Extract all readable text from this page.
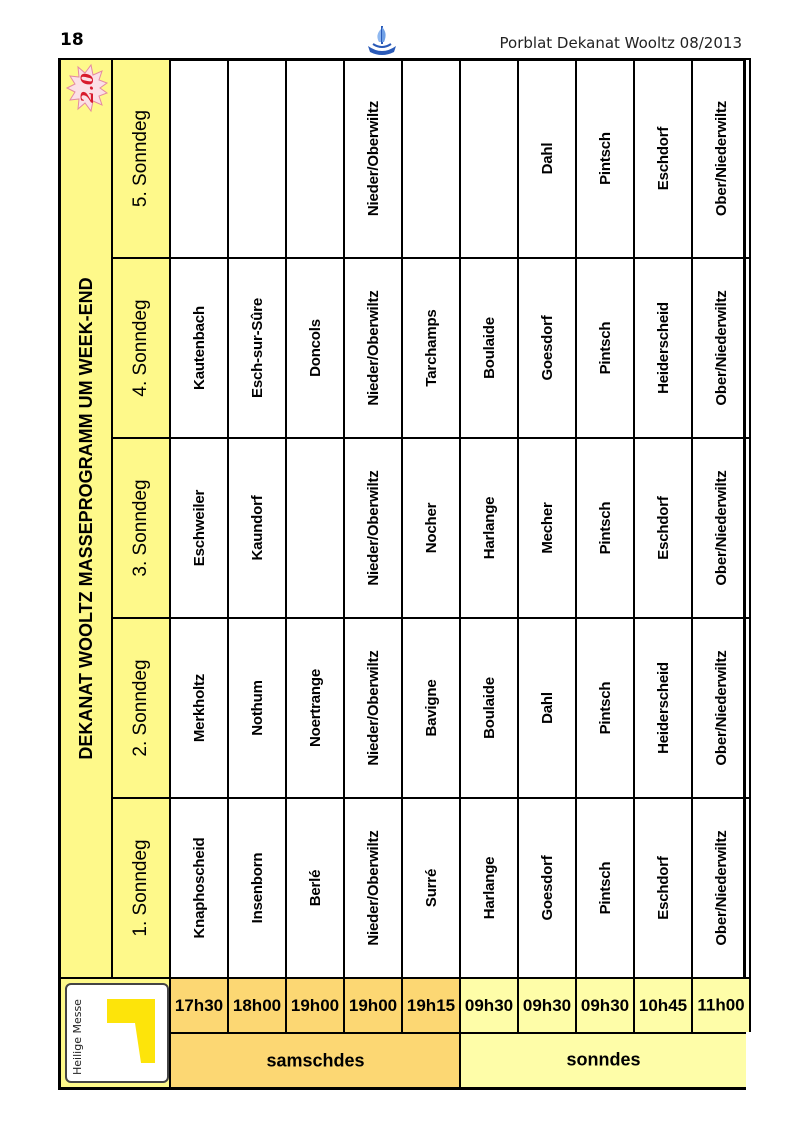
18	Porblat Dekanat Wooltz 08/2013
Heilige Messe
DEKANAT WOOLTZ MASSEPROGRAMM UM WEEK-END
2.0
1. Sonndeg
2. Sonndeg
3. Sonndeg
4. Sonndeg
5. Sonndeg
samschdes	sonndes
Knaphoscheid
Merkholtz
Eschweiler
Kautenbach
Insenborn
Nothum
Kaundorf
Esch-sur-Sûre
Berlé
Noertrange
Doncols
Nieder/Oberwiltz
Nieder/Oberwiltz
Nieder/Oberwiltz
Nieder/Oberwiltz
Nieder/Oberwiltz
Surré
Bavigne
Nocher
Tarchamps
Harlange
Boulaide
Harlange
Boulaide
Goesdorf
Dahl
Mecher
Goesdorf
Dahl
Pintsch
Pintsch
Pintsch
Pintsch
Pintsch
Eschdorf
Heiderscheid
Eschdorf
Heiderscheid
Eschdorf
Ober/Niederwiltz
Ober/Niederwiltz
Ober/Niederwiltz
Ober/Niederwiltz
Ober/Niederwiltz
17h30 18h00 19h00 19h00 19h15 09h30 09h30 09h30 10h45 11h00
